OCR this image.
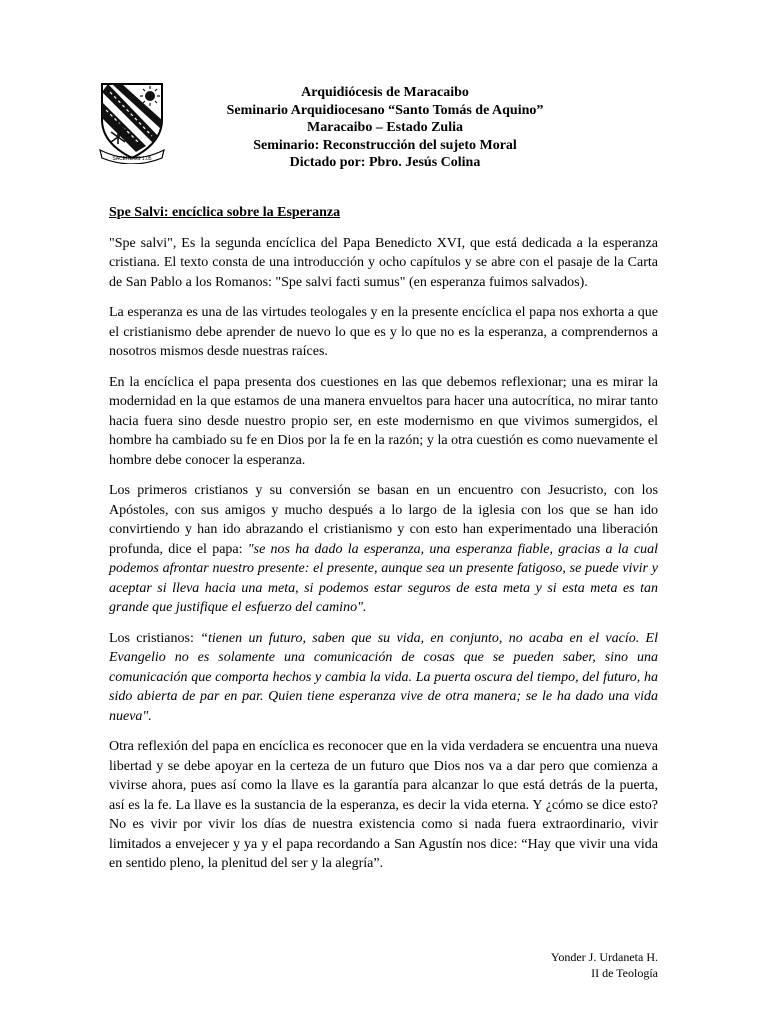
SACERDOS 1.05
Arquidiócesis de Maracaibo
Seminario Arquidiocesano “Santo Tomás de Aquino”
Maracaibo – Estado Zulia
Seminario: Reconstrucción del sujeto Moral
Dictado por: Pbro. Jesús Colina
Spe Salvi: encíclica sobre la Esperanza

"Spe salvi", Es la segunda encíclica del Papa Benedicto XVI, que está dedicada a la esperanza cristiana. El texto consta de una introducción y ocho capítulos y se abre con el pasaje de la Carta de San Pablo a los Romanos: "Spe salvi facti sumus" (en esperanza fuimos salvados).

La esperanza es una de las virtudes teologales y en la presente encíclica el papa nos exhorta a que el cristianismo debe aprender de nuevo lo que es y lo que no es la esperanza, a comprendernos a nosotros mismos desde nuestras raíces.

En la encíclica el papa presenta dos cuestiones en las que debemos reflexionar; una es mirar la modernidad en la que estamos de una manera envueltos para hacer una autocrítica, no mirar tanto hacia fuera sino desde nuestro propio ser, en este modernismo en que vivimos sumergidos, el hombre ha cambiado su fe en Dios por la fe en la razón; y la otra cuestión es como nuevamente el hombre debe conocer la esperanza.

Los primeros cristianos y su conversión se basan en un encuentro con Jesucristo, con los Apóstoles, con sus amigos y mucho después a lo largo de la iglesia con los que se han ido convirtiendo y han ido abrazando el cristianismo y con esto han experimentado una liberación profunda, dice el papa: "se nos ha dado la esperanza, una esperanza fiable, gracias a la cual podemos afrontar nuestro presente: el presente, aunque sea un presente fatigoso, se puede vivir y aceptar si lleva hacia una meta, si podemos estar seguros de esta meta y si esta meta es tan grande que justifique el esfuerzo del camino".

Los cristianos: “tienen un futuro, saben que su vida, en conjunto, no acaba en el vacío. El Evangelio no es solamente una comunicación de cosas que se pueden saber, sino una comunicación que comporta hechos y cambia la vida. La puerta oscura del tiempo, del futuro, ha sido abierta de par en par. Quien tiene esperanza vive de otra manera; se le ha dado una vida nueva".

Otra reflexión del papa en encíclica es reconocer que en la vida verdadera se encuentra una nueva libertad y se debe apoyar en la certeza de un futuro que Dios nos va a dar pero que comienza a vivirse ahora, pues así como la llave es la garantía para alcanzar lo que está detrás de la puerta, así es la fe. La llave es la sustancia de la esperanza, es decir la vida eterna. Y ¿cómo se dice esto? No es vivir por vivir los días de nuestra existencia como si nada fuera extraordinario, vivir limitados a envejecer y ya y el papa recordando a San Agustín nos dice: “Hay que vivir una vida en sentido pleno, la plenitud del ser y la alegría”.

Yonder J. Urdaneta H.
II de Teología
